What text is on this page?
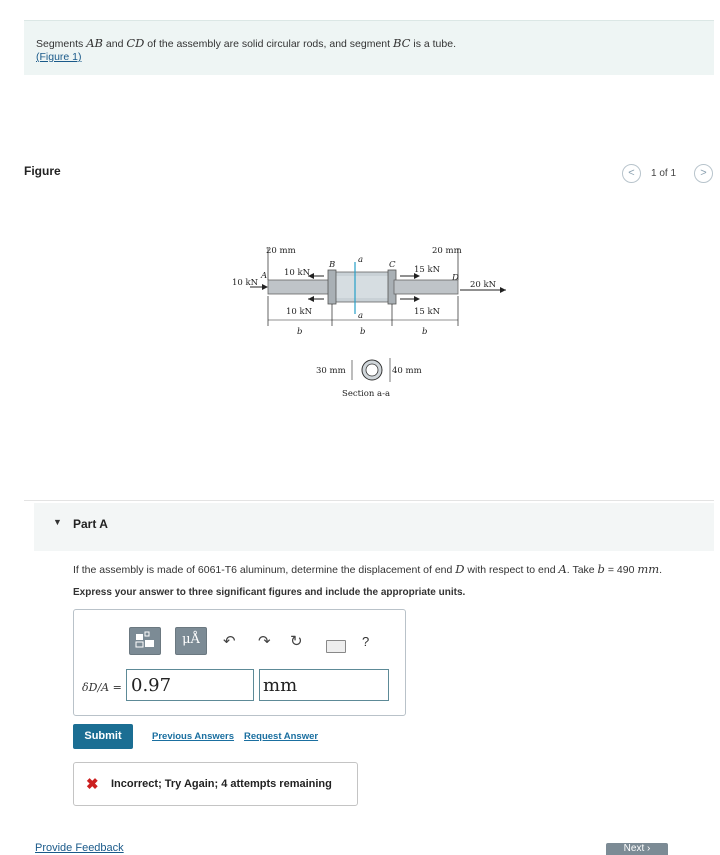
Segments AB and CD of the assembly are solid circular rods, and segment BC is a tube.
(Figure 1)
Figure	<	1 of 1	>
a
a
20 mm	20 mm
A
B	C
D
10 kN
10 kN
10 kN
15 kN
15 kN
20 kN
b	b	b
30 mm	40 mm
Section a-a
▼ Part A
If the assembly is made of 6061-T6 aluminum, determine the displacement of end D with respect to end A. Take b = 490 mm.
Express your answer to three significant figures and include the appropriate units.
μÅ	↶ ↷ ↻	?
δD/A = 0.97	mm
Submit	Previous Answers Request Answer
✖ Incorrect; Try Again; 4 attempts remaining
Provide Feedback	Next ›
